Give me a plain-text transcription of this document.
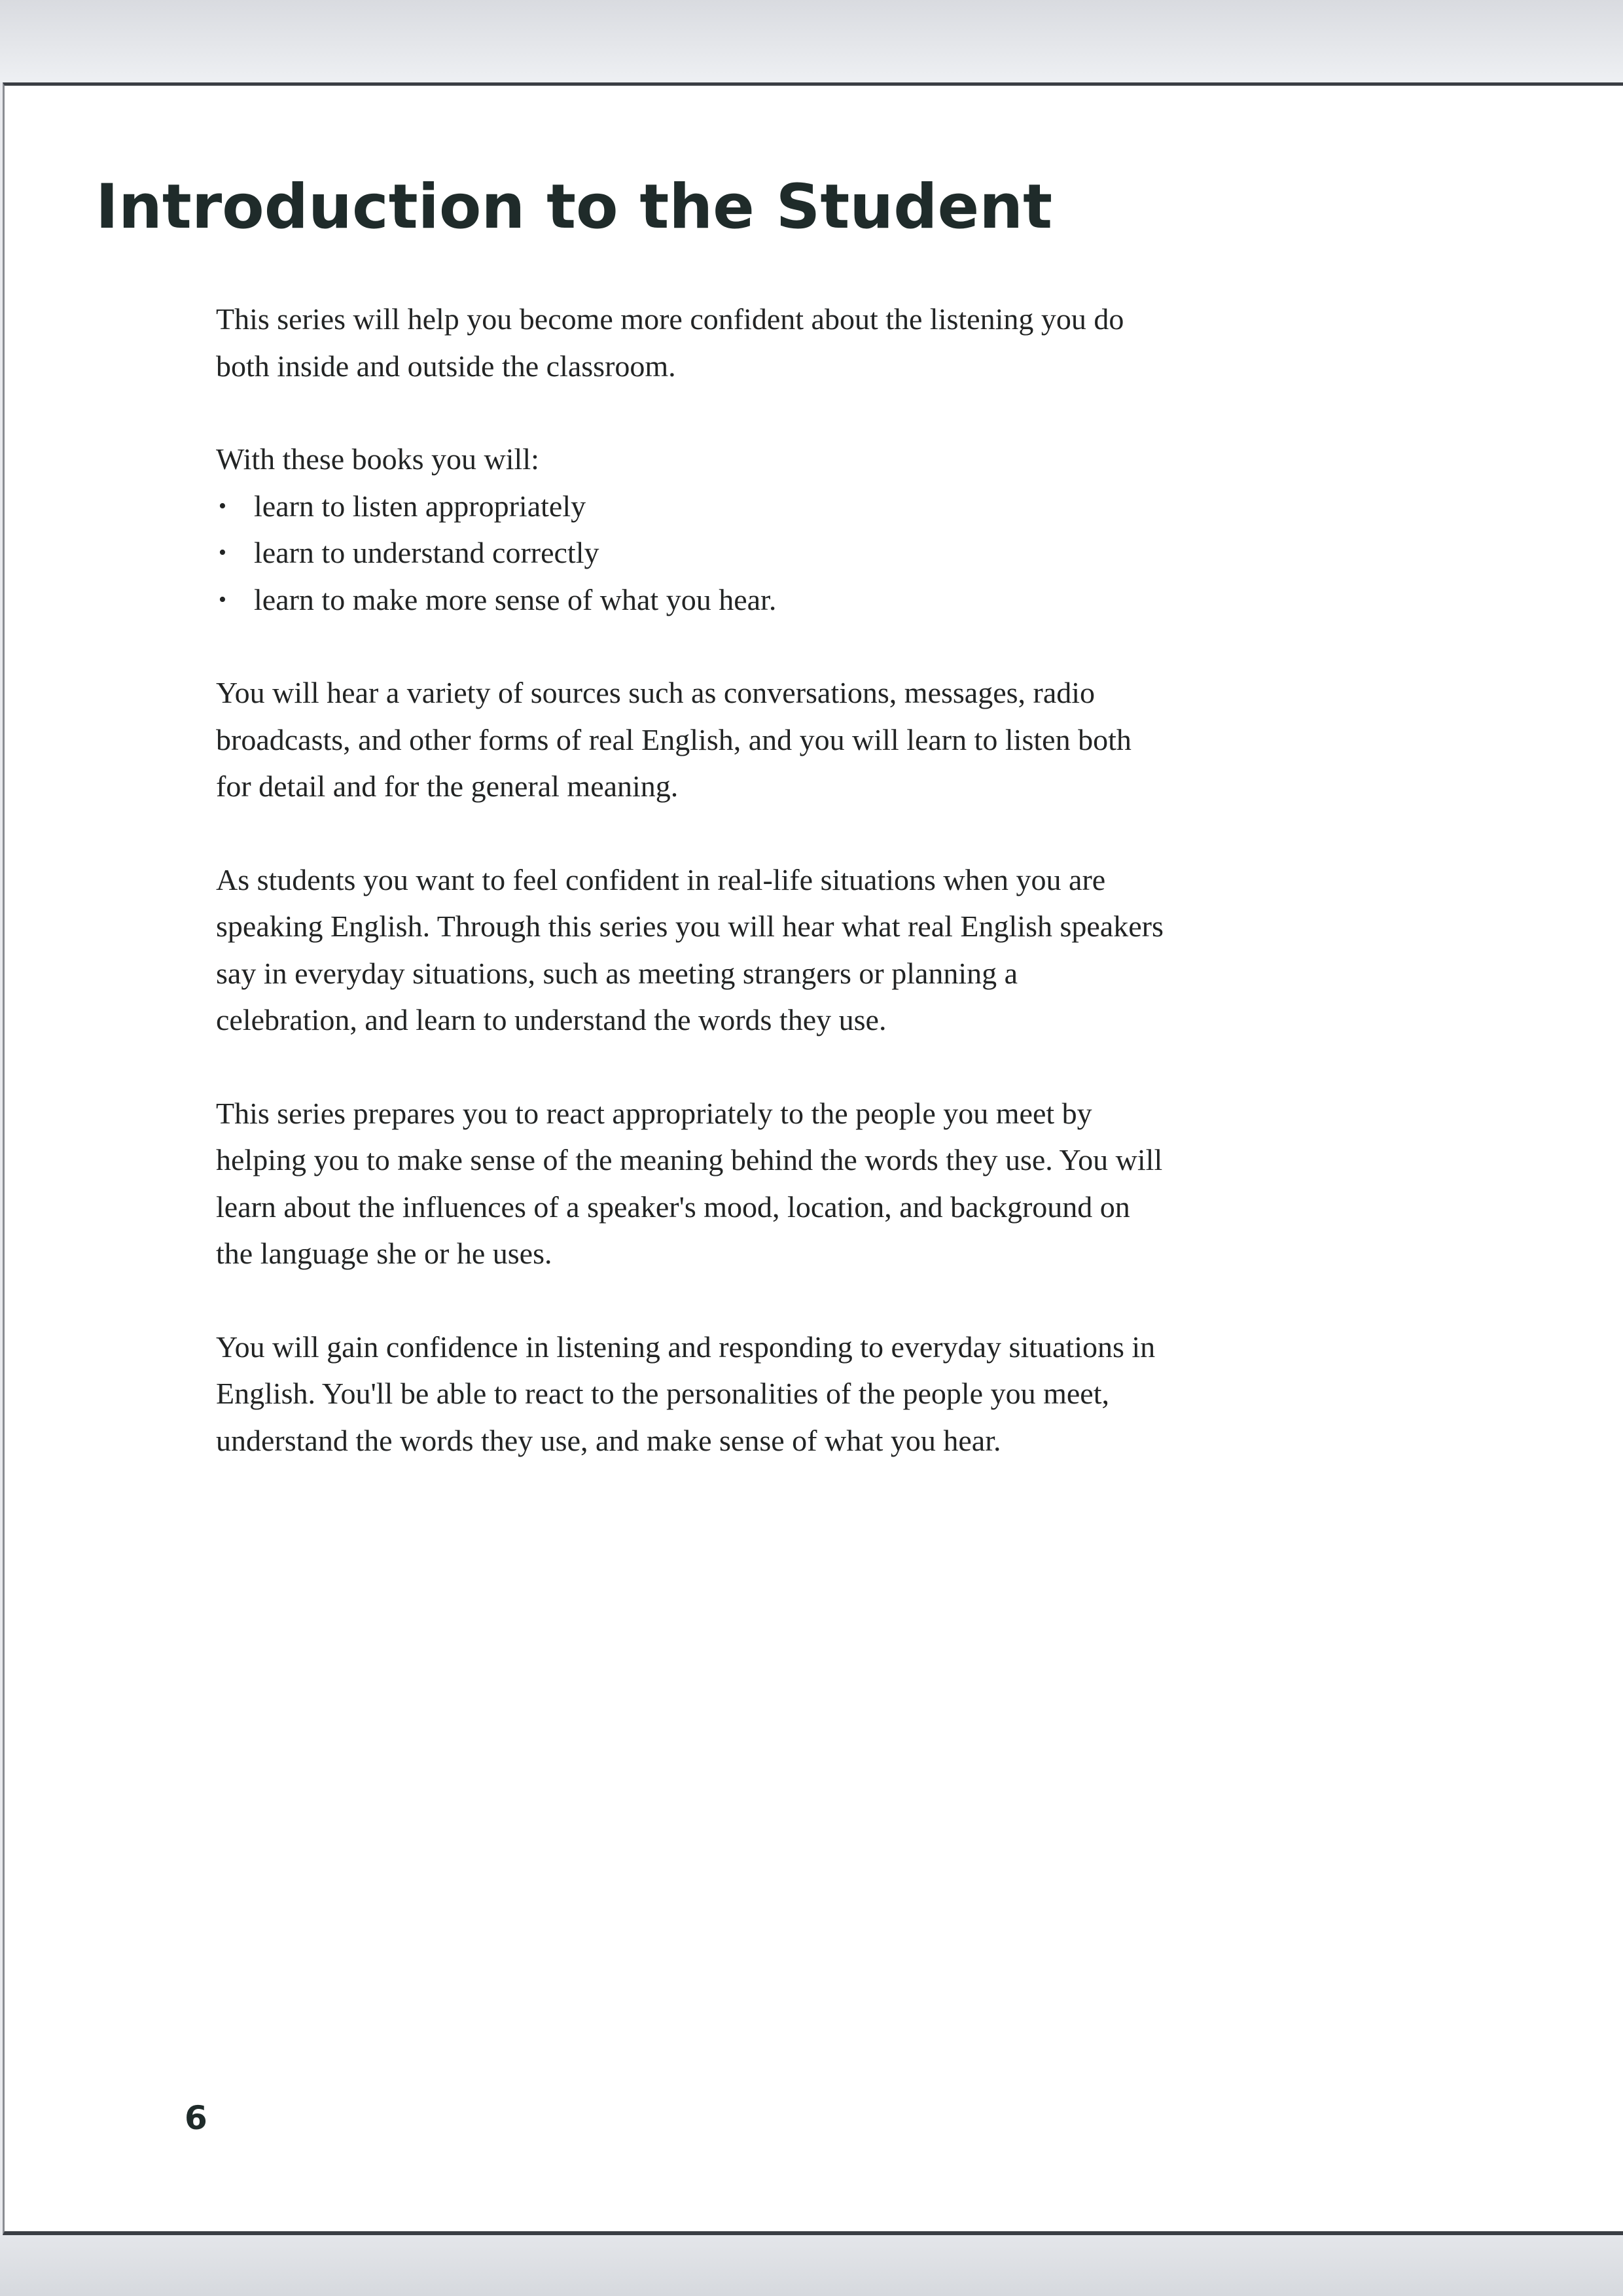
Introduction to the Student

This series will help you become more confident about the listening you do both inside and outside the classroom.

With these books you will:
• learn to listen appropriately
• learn to understand correctly
• learn to make more sense of what you hear.

You will hear a variety of sources such as conversations, messages, radio broadcasts, and other forms of real English, and you will learn to listen both for detail and for the general meaning.

As students you want to feel confident in real-life situations when you are speaking English. Through this series you will hear what real English speakers say in everyday situations, such as meeting strangers or planning a celebration, and learn to understand the words they use.

This series prepares you to react appropriately to the people you meet by helping you to make sense of the meaning behind the words they use. You will learn about the influences of a speaker's mood, location, and background on the language she or he uses.

You will gain confidence in listening and responding to everyday situations in English. You'll be able to react to the personalities of the people you meet, understand the words they use, and make sense of what you hear.

6
